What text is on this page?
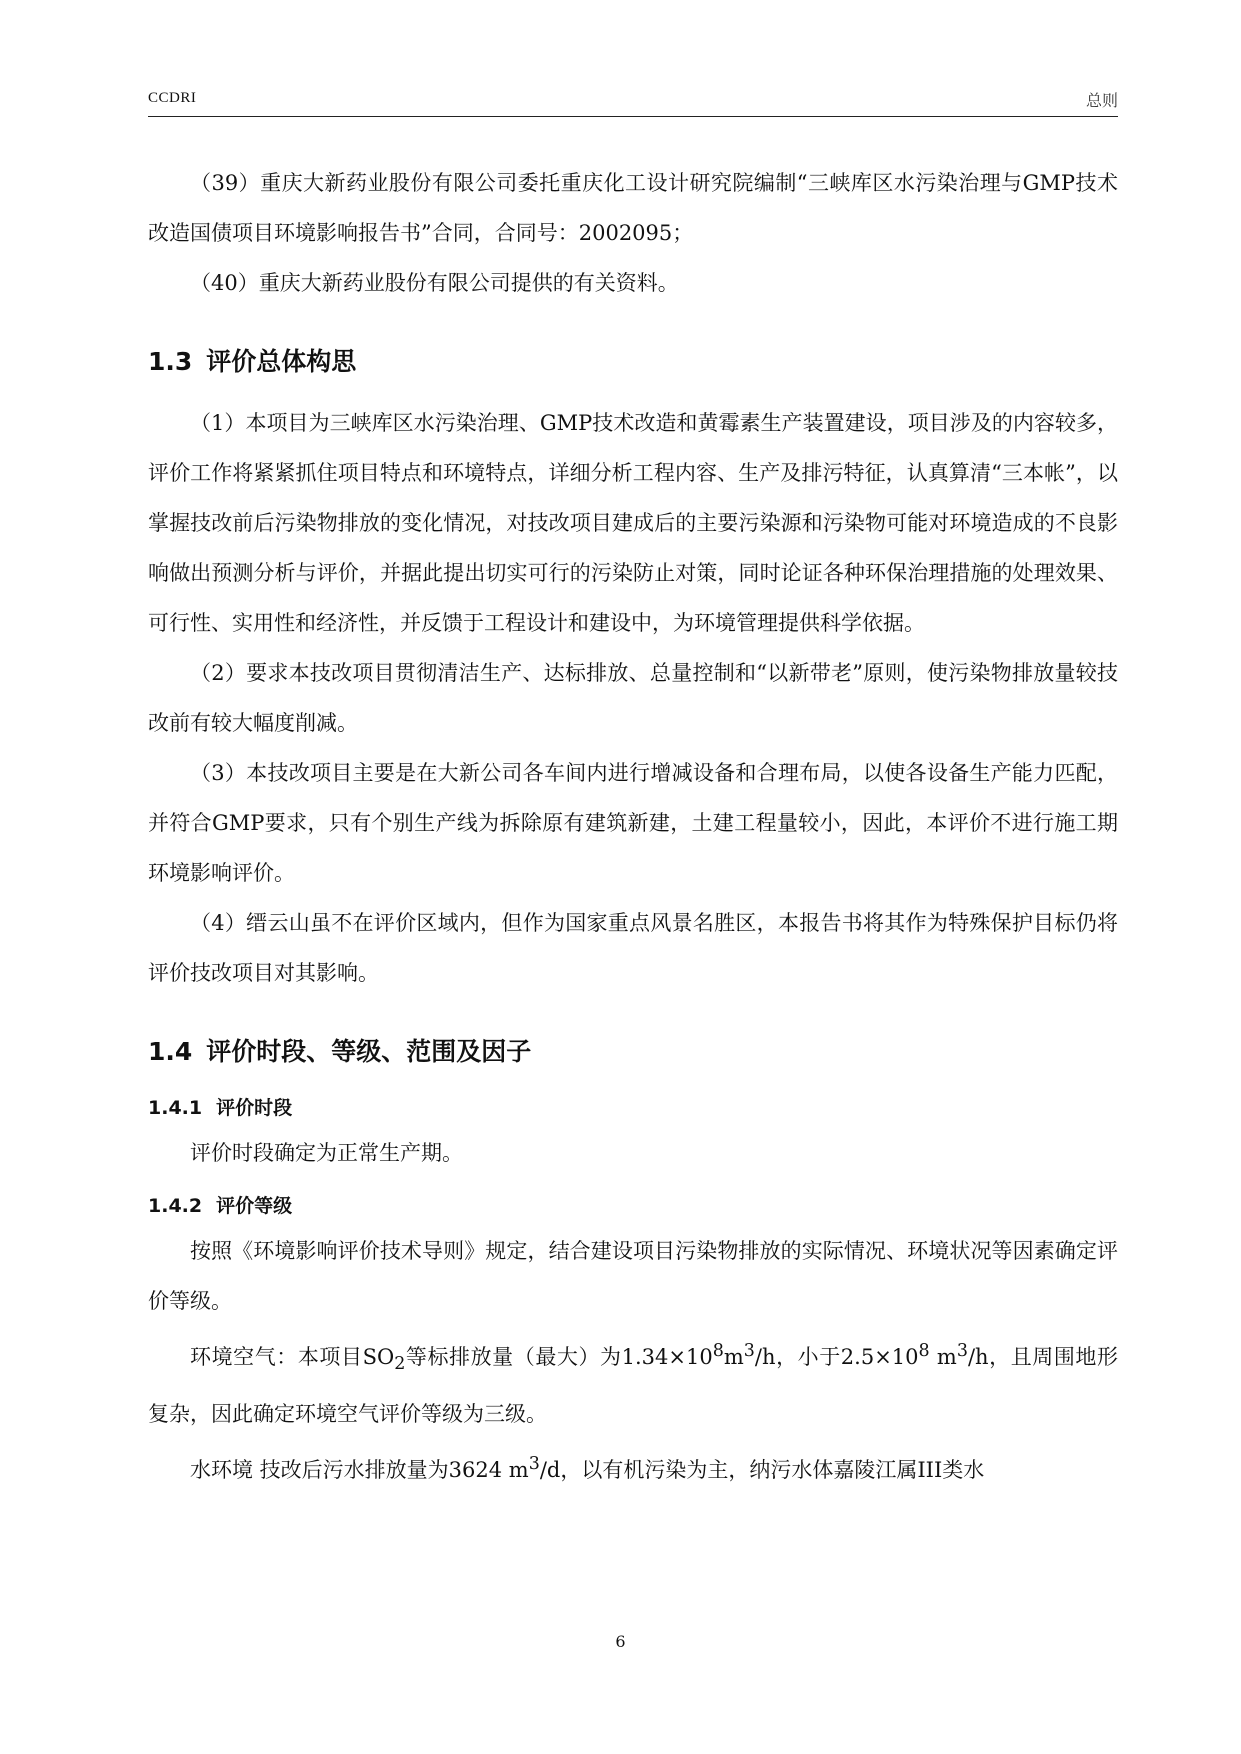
CCDRI	总则

（39）重庆大新药业股份有限公司委托重庆化工设计研究院编制“三峡库区水污染治理与GMP技术改造国债项目环境影响报告书”合同，合同号：2002095；

（40）重庆大新药业股份有限公司提供的有关资料。

1.3 评价总体构思

（1）本项目为三峡库区水污染治理、GMP技术改造和黄霉素生产装置建设，项目涉及的内容较多，评价工作将紧紧抓住项目特点和环境特点，详细分析工程内容、生产及排污特征，认真算清“三本帐”，以掌握技改前后污染物排放的变化情况，对技改项目建成后的主要污染源和污染物可能对环境造成的不良影响做出预测分析与评价，并据此提出切实可行的污染防止对策，同时论证各种环保治理措施的处理效果、可行性、实用性和经济性，并反馈于工程设计和建设中，为环境管理提供科学依据。

（2）要求本技改项目贯彻清洁生产、达标排放、总量控制和“以新带老”原则，使污染物排放量较技改前有较大幅度削减。

（3）本技改项目主要是在大新公司各车间内进行增减设备和合理布局，以使各设备生产能力匹配，并符合GMP要求，只有个别生产线为拆除原有建筑新建，土建工程量较小，因此，本评价不进行施工期环境影响评价。

（4）缙云山虽不在评价区域内，但作为国家重点风景名胜区，本报告书将其作为特殊保护目标仍将评价技改项目对其影响。

1.4 评价时段、等级、范围及因子
1.4.1 评价时段

评价时段确定为正常生产期。

1.4.2 评价等级

按照《环境影响评价技术导则》规定，结合建设项目污染物排放的实际情况、环境状况等因素确定评价等级。

环境空气：本项目$SO_2$等标排放量（最大）为$1.34\times 10^8m^3/h$，小于$2.5\times 10^8$ $m^3/h$，且周围地形复杂，因此确定环境空气评价等级为三级。

水环境 技改后污水排放量为3624 $m^3/d$，以有机污染为主，纳污水体嘉陵江属III类水

6
